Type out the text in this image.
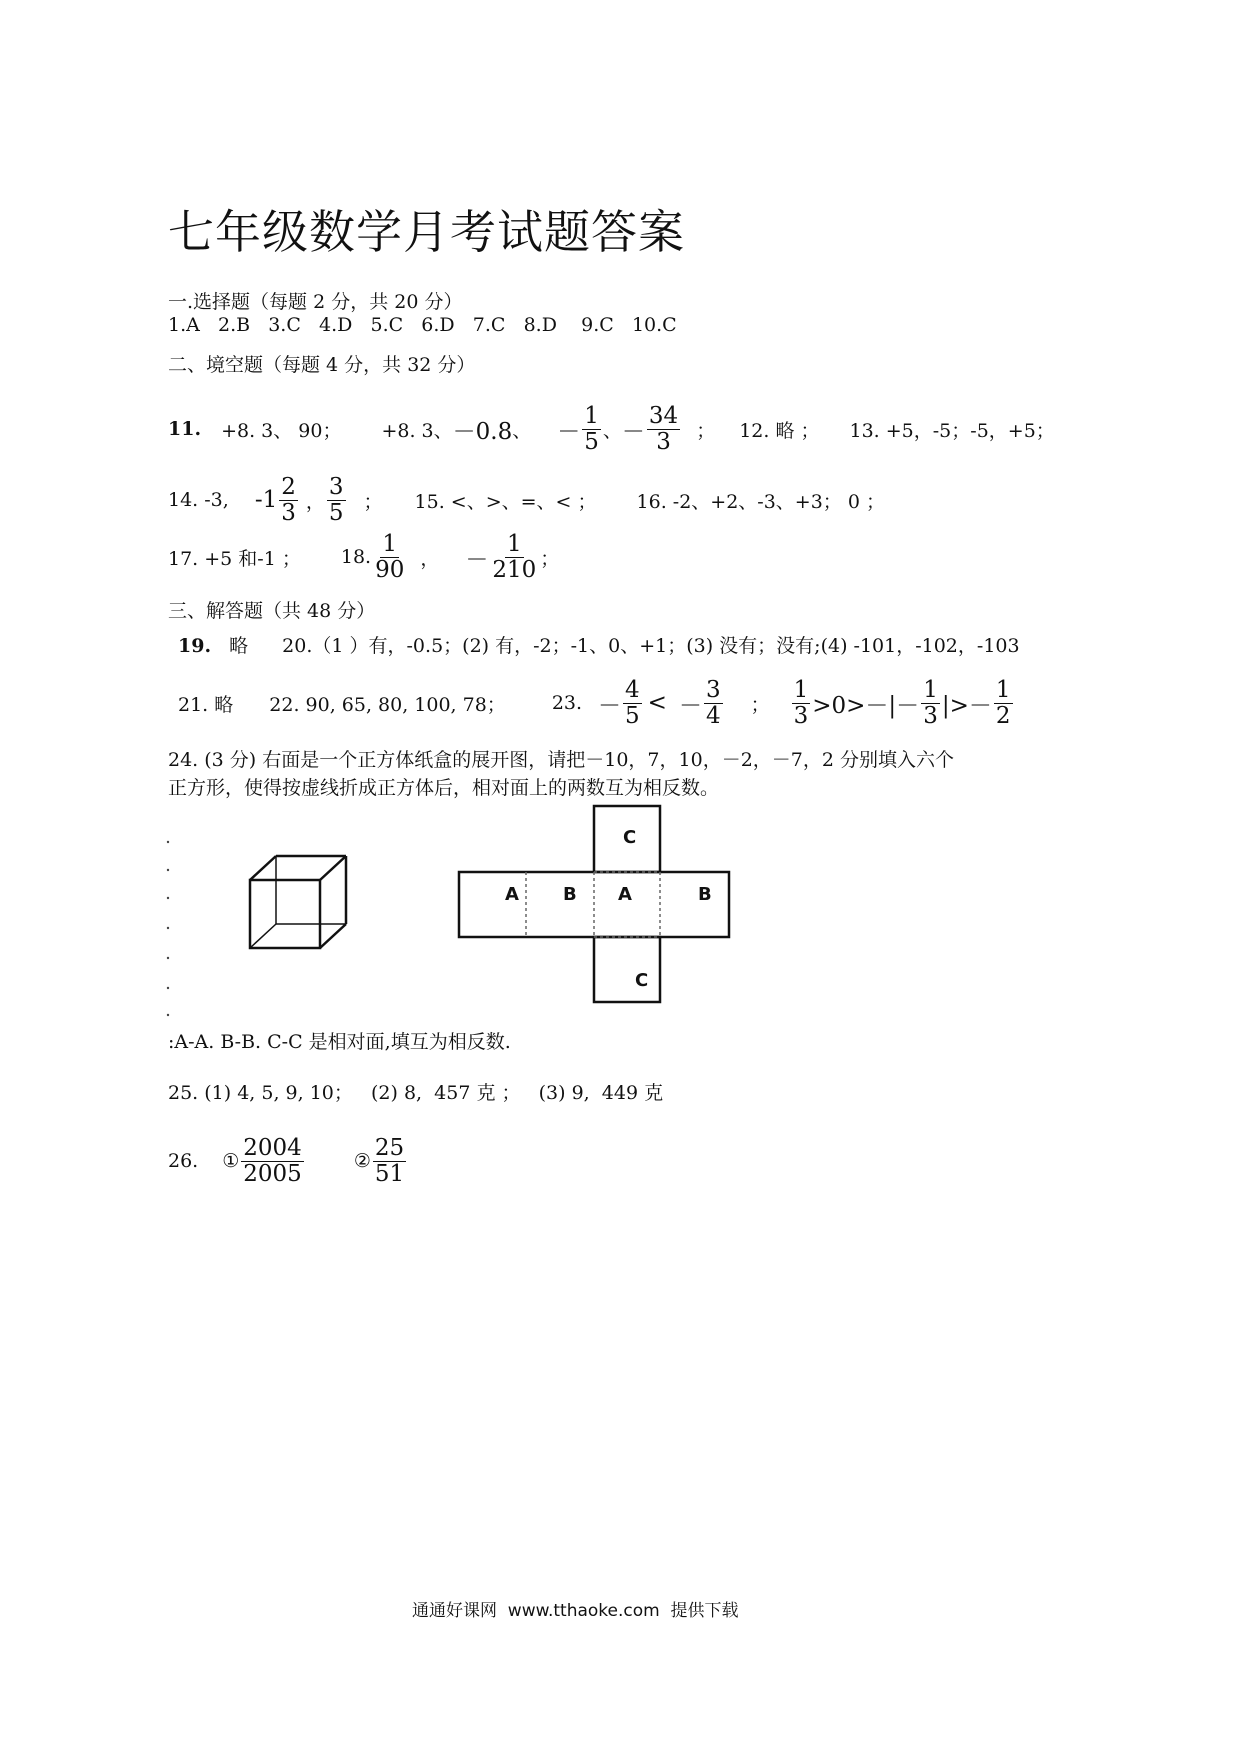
七年级数学月考试题答案
一.选择题（每题 2 分，共 20 分）
1.A 2.B 3.C 4.D 5.C 6.D 7.C 8.D 9.C 10.C
二、境空题（每题 4 分，共 32 分）
11. +8. 3、 90； +8. 3、 －0.8 、 － $\frac{1}{5}$ 、 － $\frac{34}{3}$ ； 12. 略 ； 13. +5，-5；-5，+5；
14. -3, $-1 \frac{2}{3}$ ， $\frac{3}{5}$ ； 15. <、>、=、< ； 16. -2、+2、-3、+3； 0 ；
17. +5 和-1 ； 18. $\frac{1}{90}$ ， － $\frac{1}{210}$ ；
三、解答题（共 48 分）
19. 略 20.（1 ）有，-0.5；(2) 有，-2；-1、0、+1；(3) 没有；没有;(4) -101，-102，-103
21. 略 22. 90, 65, 80, 100, 78； 23. － $\frac{4}{5}$ < － $\frac{3}{4}$ ； $\frac{1}{3} >0>-|- \frac{1}{3}$ |>－ $\frac{1}{2}$
24. (3 分) 右面是一个正方体纸盒的展开图，请把－10，7，10，－2，－7，2 分别填入六个
正方形，使得按虚线折成正方体后，相对面上的两数互为相反数。
C
A B A	B
C
:A-A. B-B. C-C 是相对面,填互为相反数.
25. (1) 4, 5, 9, 10；   (2) 8,  457 克 ；   (3) 9,  449 克
26. ① $\frac{2004}{2005}$	② $\frac{25}{51}$
通通好课网  www.tthaoke.com  提供下载
